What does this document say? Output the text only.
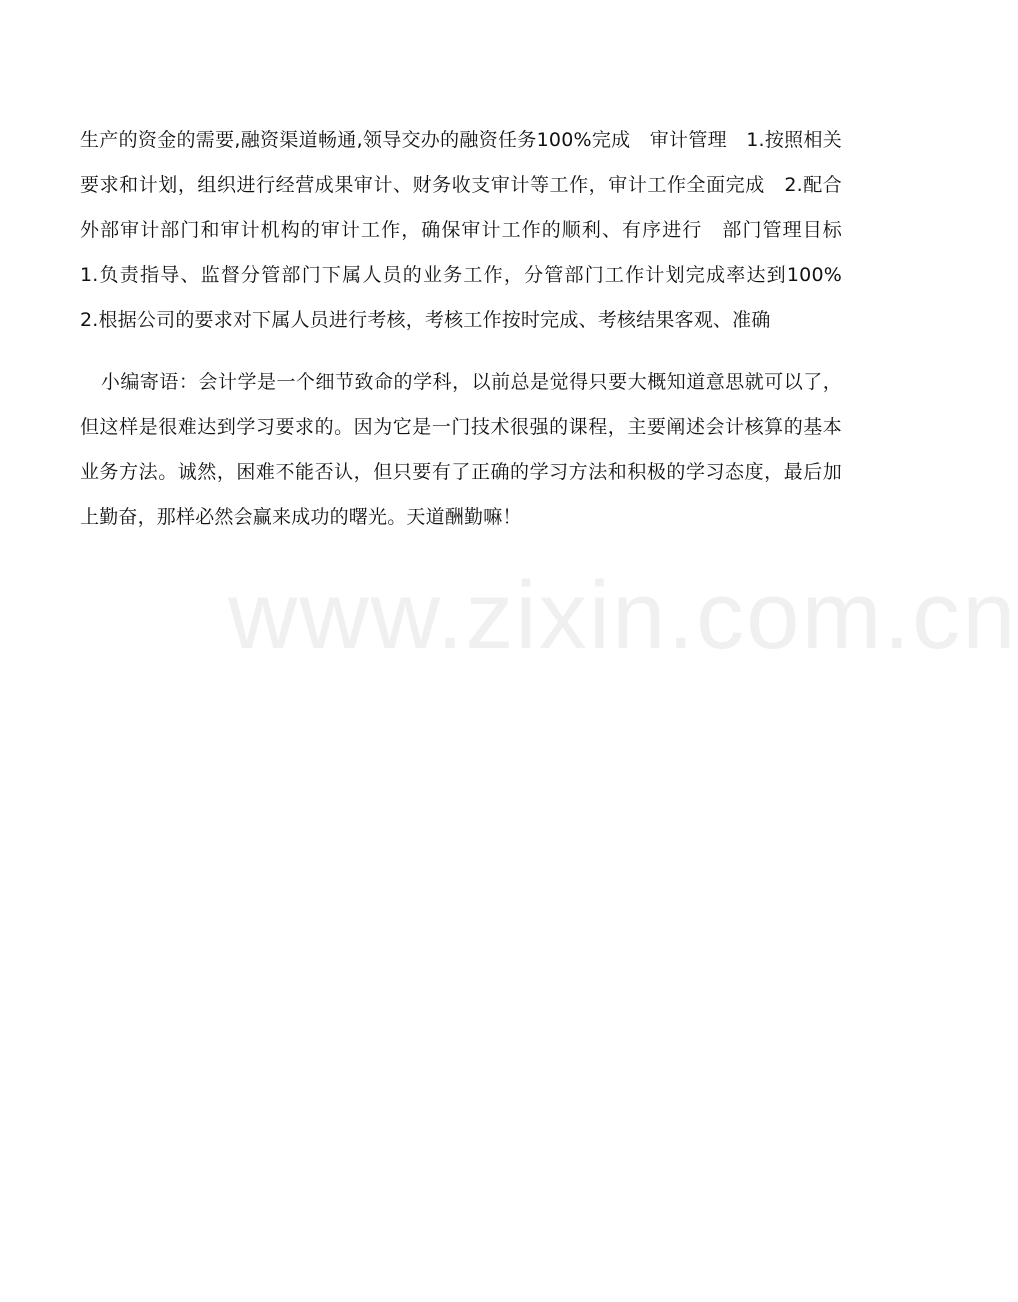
生产的资金的需要,融资渠道畅通,领导交办的融资任务100%完成　审计管理　1.按照相关要求和计划，组织进行经营成果审计、财务收支审计等工作，审计工作全面完成　2.配合外部审计部门和审计机构的审计工作，确保审计工作的顺利、有序进行　部门管理目标　1.负责指导、监督分管部门下属人员的业务工作，分管部门工作计划完成率达到100%　2.根据公司的要求对下属人员进行考核，考核工作按时完成、考核结果客观、准确

小编寄语：会计学是一个细节致命的学科，以前总是觉得只要大概知道意思就可以了，但这样是很难达到学习要求的。因为它是一门技术很强的课程，主要阐述会计核算的基本业务方法。诚然，困难不能否认，但只要有了正确的学习方法和积极的学习态度，最后加上勤奋，那样必然会赢来成功的曙光。天道酬勤嘛！

www.zixin.com.cn
